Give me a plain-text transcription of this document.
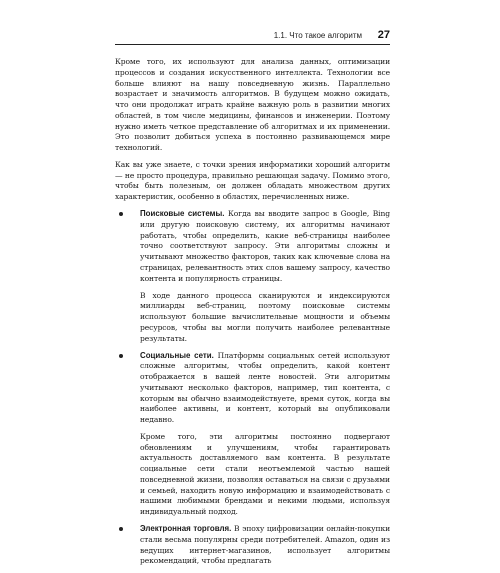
1.1. Что такое алгоритм 27

Кроме того, их используют для анализа данных, оптимизации процессов и создания искусственного интеллекта. Технологии все больше влияют на нашу повседневную жизнь. Параллельно возрастает и значимость алгоритмов. В будущем можно ожидать, что они продолжат играть крайне важную роль в развитии многих областей, в том числе медицины, финансов и инженерии. Поэтому нужно иметь четкое представление об алгоритмах и их применении. Это позволит добиться успеха в постоянно развивающемся мире технологий.

Как вы уже знаете, с точки зрения информатики хороший алгоритм — не просто процедура, правильно решающая задачу. Помимо этого, чтобы быть полезным, он должен обладать множеством других характеристик, особенно в областях, перечисленных ниже.

Поисковые системы. Когда вы вводите запрос в Google, Bing или другую поисковую систему, их алгоритмы начинают работать, чтобы определить, какие веб-страницы наиболее точно соответствуют запросу. Эти алгоритмы сложны и учитывают множество факторов, таких как ключевые слова на страницах, релевантность этих слов вашему запросу, качество контента и популярность страницы.

В ходе данного процесса сканируются и индексируются миллиарды веб-страниц, поэтому поисковые системы используют большие вычислительные мощности и объемы ресурсов, чтобы вы могли получить наиболее релевантные результаты.

Социальные сети. Платформы социальных сетей используют сложные алгоритмы, чтобы определить, какой контент отображается в вашей ленте новостей. Эти алгоритмы учитывают несколько факторов, например, тип контента, с которым вы обычно взаимодействуете, время суток, когда вы наиболее активны, и контент, который вы опубликовали недавно.

Кроме того, эти алгоритмы постоянно подвергают обновлениям и улучшениям, чтобы гарантировать актуальность доставляемого вам контента. В результате социальные сети стали неотъемлемой частью нашей повседневной жизни, позволяя оставаться на связи с друзьями и семьей, находить новую информацию и взаимодействовать с нашими любимыми брендами и некими людьми, используя индивидуальный подход.

Электронная торговля. В эпоху цифровизации онлайн-покупки стали весьма популярны среди потребителей. Amazon, один из ведущих интернет-магазинов, использует алгоритмы рекомендаций, чтобы предлагать
